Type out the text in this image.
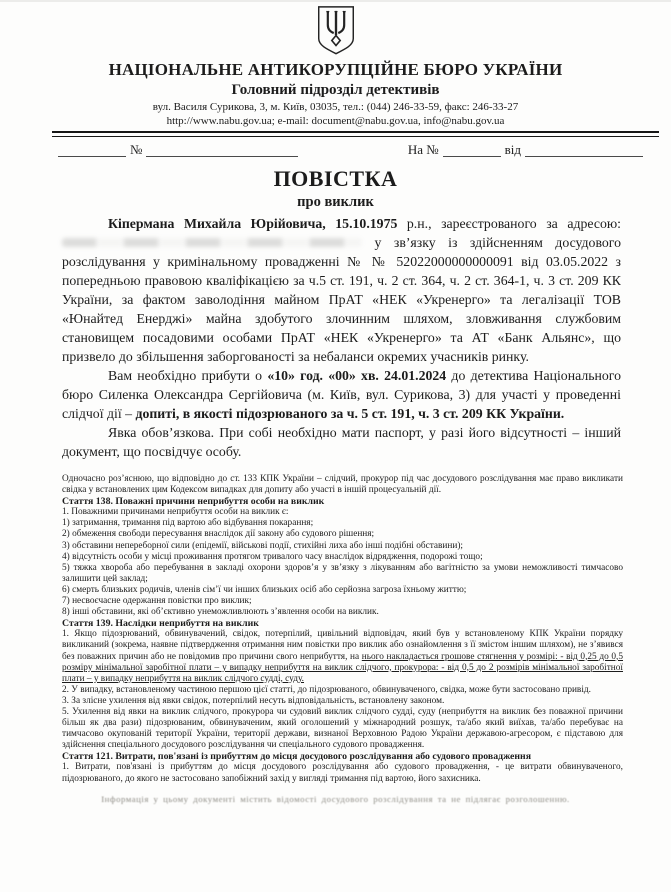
НАЦІОНАЛЬНЕ АНТИКОРУПЦІЙНЕ БЮРО УКРАЇНИ
Головний підрозділ детективів
вул. Василя Сурикова, 3, м. Київ, 03035, тел.: (044) 246-33-59, факс: 246-33-27
http://www.nabu.gov.ua; e-mail: document@nabu.gov.ua, info@nabu.gov.ua
№	На №	від
ПОВІСТКА
про виклик

Кіпермана Михайла Юрійовича, 15.10.1975 р.н., зареєстрованого за адресою:  у зв’язку із здійсненням досудового розслідування у кримінальному провадженні № № 52022000000000091 від 03.05.2022 з попередньою правовою кваліфікацією за ч.5 ст. 191, ч. 2 ст. 364, ч. 2 ст. 364-1, ч. 3 ст. 209 КК України, за фактом заволодіння майном ПрАТ «НЕК «Укренерго» та легалізації ТОВ «Юнайтед Енерджі» майна здобутого злочинним шляхом, зловживання службовим становищем посадовими особами ПрАТ «НЕК «Укренерго» та АТ «Банк Альянс», що призвело до збільшення заборгованості за небаланси окремих учасників ринку.

Вам необхідно прибути о «10» год. «00» хв. 24.01.2024 до детектива Національного бюро Силенка Олександра Сергійовича (м. Київ, вул. Сурикова, 3) для участі у проведенні слідчої дії – допиті, в якості підозрюваного за ч. 5 ст. 191, ч. 3 ст. 209 КК України.

Явка обов’язкова. При собі необхідно мати паспорт, у разі його відсутності – інший документ, що посвідчує особу.

Одночасно роз’яснюю, що відповідно до ст. 133 КПК України – слідчий, прокурор під час досудового розслідування має право викликати свідка у встановлених цим Кодексом випадках для допиту або участі в іншій процесуальній дії.

Стаття 138. Поважні причини неприбуття особи на виклик

1. Поважними причинами неприбуття особи на виклик є:

1) затримання, тримання під вартою або відбування покарання;

2) обмеження свободи пересування внаслідок дії закону або судового рішення;

3) обставини непереборної сили (епідемії, військові події, стихійні лиха або інші подібні обставини);

4) відсутність особи у місці проживання протягом тривалого часу внаслідок відрядження, подорожі тощо;

5) тяжка хвороба або перебування в закладі охорони здоров’я у зв’язку з лікуванням або вагітністю за умови неможливості тимчасово залишити цей заклад;

6) смерть близьких родичів, членів сім’ї чи інших близьких осіб або серйозна загроза їхньому життю;

7) несвоєчасне одержання повістки про виклик;

8) інші обставини, які об’єктивно унеможливлюють з’явлення особи на виклик.

Стаття 139. Наслідки неприбуття на виклик

1. Якщо підозрюваний, обвинувачений, свідок, потерпілий, цивільний відповідач, який був у встановленому КПК України порядку викликаний (зокрема, наявне підтвердження отримання ним повістки про виклик або ознайомлення з її змістом іншим шляхом), не з’явився без поважних причин або не повідомив про причини свого неприбуття, на нього накладається грошове стягнення у розмірі: - від 0,25 до 0,5 розміру мінімальної заробітної плати – у випадку неприбуття на виклик слідчого, прокурора: - від 0,5 до 2 розмірів мінімальної заробітної плати – у випадку неприбуття на виклик слідчого судді, суду.

2. У випадку, встановленому частиною першою цієї статті, до підозрюваного, обвинуваченого, свідка, може бути застосовано привід.

3. За злісне ухилення від явки свідок, потерпілий несуть відповідальність, встановлену законом.

5. Ухилення від явки на виклик слідчого, прокурора чи судовий виклик слідчого судді, суду (неприбуття на виклик без поважної причини більш як два рази) підозрюваним, обвинуваченим, який оголошений у міжнародний розшук, та/або який виїхав, та/або перебуває на тимчасово окупованій території України, території держави, визнаної Верховною Радою України державою-агресором, є підставою для здійснення спеціального досудового розслідування чи спеціального судового провадження.

Стаття 121. Витрати, пов'язані із прибуттям до місця досудового розслідування або судового провадження

1. Витрати, пов'язані із прибуттям до місця досудового розслідування або судового провадження, - це витрати обвинуваченого, підозрюваного, до якого не застосовано запобіжний захід у вигляді тримання під вартою, його захисника.

Інформація у цьому документі містить відомості досудового розслідування та не підлягає розголошенню.
